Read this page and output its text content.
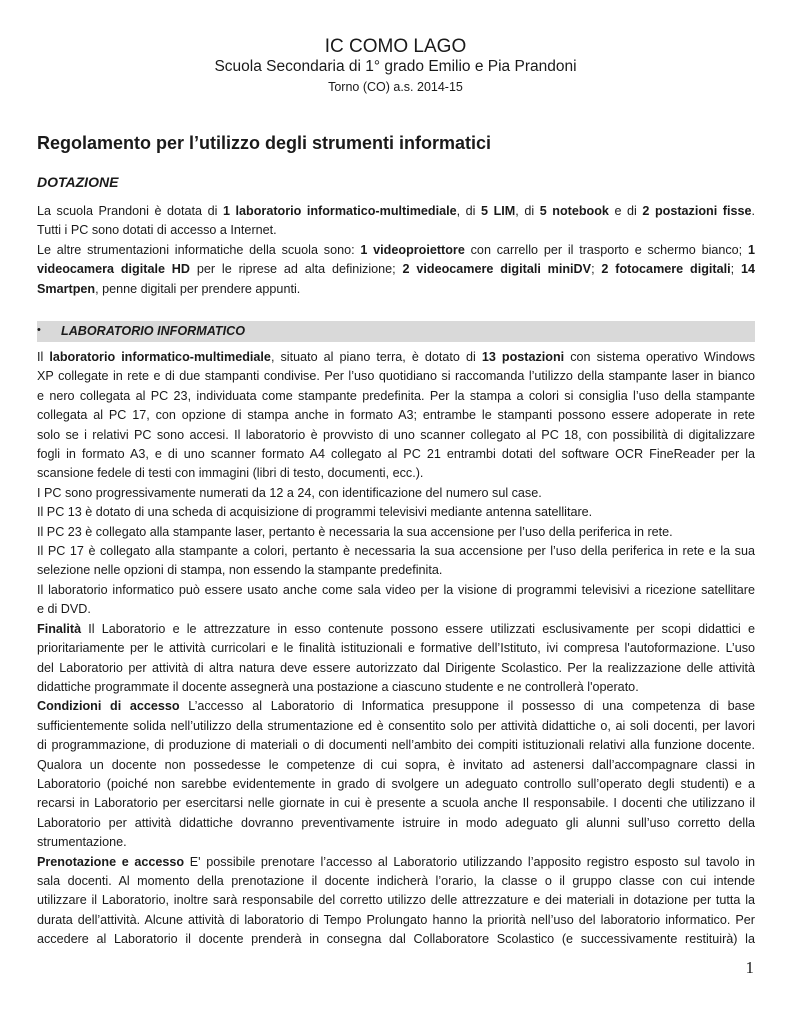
IC COMO LAGO
Scuola Secondaria di 1° grado Emilio e Pia Prandoni
Torno (CO) a.s. 2014-15
Regolamento per l’utilizzo degli strumenti informatici
DOTAZIONE
La scuola Prandoni è dotata di 1 laboratorio informatico-multimediale, di 5 LIM, di 5 notebook e di 2 postazioni fisse.
Tutti i PC sono dotati di accesso a Internet.
Le altre strumentazioni informatiche della scuola sono: 1 videoproiettore con carrello per il trasporto e schermo bianco; 1
videocamera digitale HD per le riprese ad alta definizione; 2 videocamere digitali miniDV; 2 fotocamere digitali; 14
Smartpen, penne digitali per prendere appunti.
• LABORATORIO INFORMATICO
Il laboratorio informatico-multimediale, situato al piano terra, è dotato di 13 postazioni con sistema operativo Windows
XP collegate in rete e di due stampanti condivise. Per l’uso quotidiano si raccomanda l’utilizzo della stampante laser in bianco
e nero collegata al PC 23, individuata come stampante predefinita. Per la stampa a colori si consiglia l’uso della stampante
collegata al PC 17, con opzione di stampa anche in formato A3; entrambe le stampanti possono essere adoperate in rete
solo se i relativi PC sono accesi. Il laboratorio è provvisto di uno scanner collegato al PC 18, con possibilità di digitalizzare
fogli in formato A3, e di uno scanner formato A4 collegato al PC 21 entrambi dotati del software OCR FineReader per la
scansione fedele di testi con immagini (libri di testo, documenti, ecc.).
I PC sono progressivamente numerati da 12 a 24, con identificazione del numero sul case.
Il PC 13 è dotato di una scheda di acquisizione di programmi televisivi mediante antenna satellitare.
Il PC 23 è collegato alla stampante laser, pertanto è necessaria la sua accensione per l’uso della periferica in rete.
Il PC 17 è collegato alla stampante a colori, pertanto è necessaria la sua accensione per l’uso della periferica in rete e la sua
selezione nelle opzioni di stampa, non essendo la stampante predefinita.
Il laboratorio informatico può essere usato anche come sala video per la visione di programmi televisivi a ricezione satellitare
e di DVD.
Finalità Il Laboratorio e le attrezzature in esso contenute possono essere utilizzati esclusivamente per scopi didattici e
prioritariamente per le attività curricolari e le finalità istituzionali e formative dell’Istituto, ivi compresa l'autoformazione. L’uso
del Laboratorio per attività di altra natura deve essere autorizzato dal Dirigente Scolastico. Per la realizzazione delle attività
didattiche programmate il docente assegnerà una postazione a ciascuno studente e ne controllerà l'operato.
Condizioni di accesso L’accesso al Laboratorio di Informatica presuppone il possesso di una competenza di base
sufficientemente solida nell’utilizzo della strumentazione ed è consentito solo per attività didattiche o, ai soli docenti, per lavori
di programmazione, di produzione di materiali o di documenti nell’ambito dei compiti istituzionali relativi alla funzione docente.
Qualora un docente non possedesse le competenze di cui sopra, è invitato ad astenersi dall’accompagnare classi in
Laboratorio (poiché non sarebbe evidentemente in grado di svolgere un adeguato controllo sull’operato degli studenti) e a
recarsi in Laboratorio per esercitarsi nelle giornate in cui è presente a scuola anche Il responsabile. I docenti che utilizzano il
Laboratorio per attività didattiche dovranno preventivamente istruire in modo adeguato gli alunni sull’uso corretto della
strumentazione.
Prenotazione e accesso E' possibile prenotare l’accesso al Laboratorio utilizzando l’apposito registro esposto sul tavolo in
sala docenti. Al momento della prenotazione il docente indicherà l’orario, la classe o il gruppo classe con cui intende
utilizzare il Laboratorio, inoltre sarà responsabile del corretto utilizzo delle attrezzature e dei materiali in dotazione per tutta la
durata dell’attività. Alcune attività di laboratorio di Tempo Prolungato hanno la priorità nell’uso del laboratorio informatico. Per
accedere al Laboratorio il docente prenderà in consegna dal Collaboratore Scolastico (e successivamente restituirà) la
1
